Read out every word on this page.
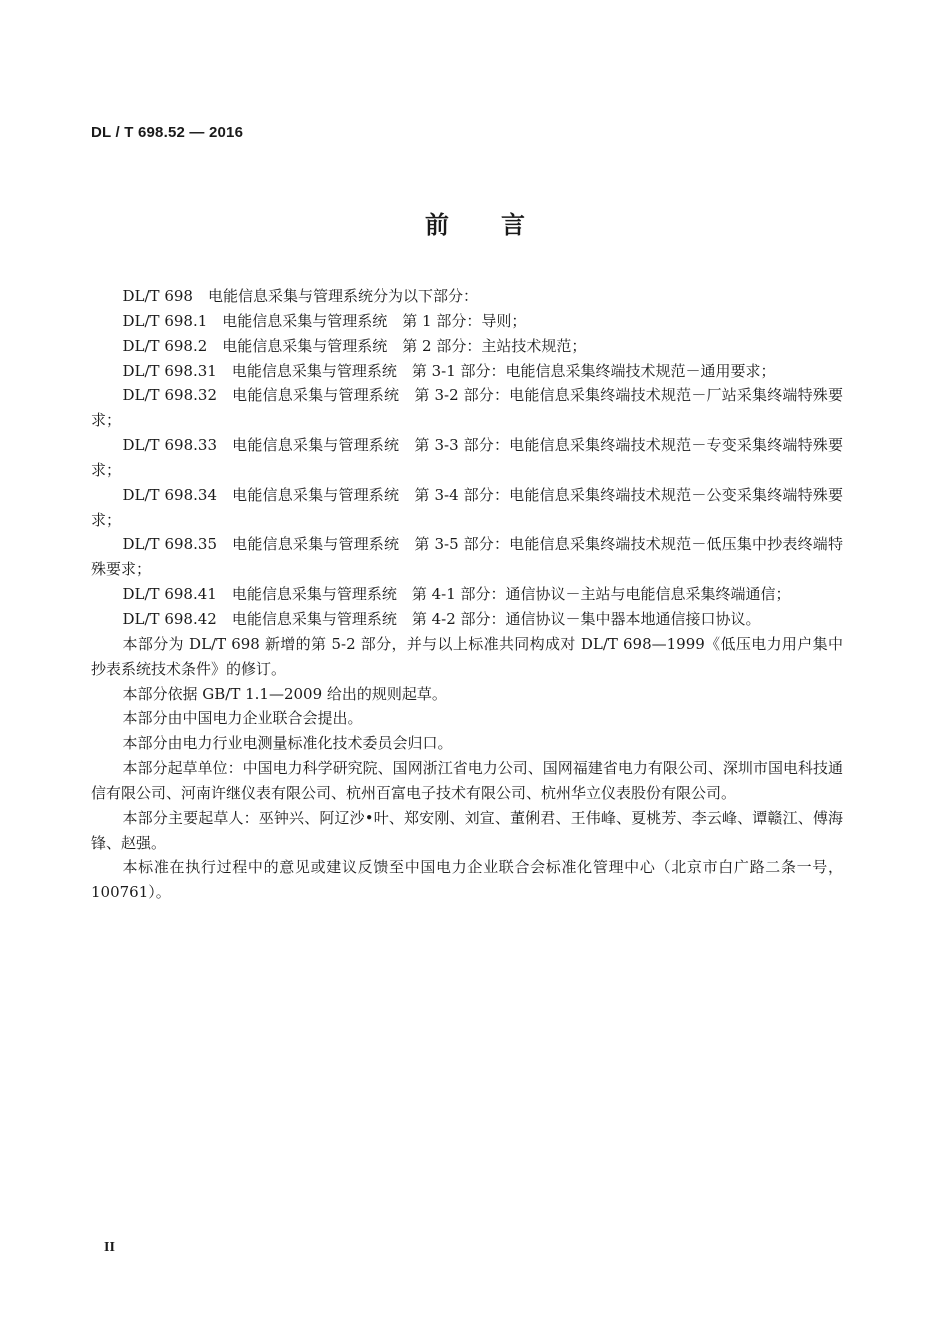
DL / T 698.52 — 2016
前言

DL/T 698　电能信息采集与管理系统分为以下部分：

DL/T 698.1 电能信息采集与管理系统 第 1 部分：导则；

DL/T 698.2 电能信息采集与管理系统 第 2 部分：主站技术规范；

DL/T 698.31 电能信息采集与管理系统 第 3-1 部分：电能信息采集终端技术规范－通用要求；

DL/T 698.32 电能信息采集与管理系统 第 3-2 部分：电能信息采集终端技术规范－厂站采集终端特殊要求；

DL/T 698.33 电能信息采集与管理系统 第 3-3 部分：电能信息采集终端技术规范－专变采集终端特殊要求；

DL/T 698.34 电能信息采集与管理系统 第 3-4 部分：电能信息采集终端技术规范－公变采集终端特殊要求；

DL/T 698.35 电能信息采集与管理系统 第 3-5 部分：电能信息采集终端技术规范－低压集中抄表终端特殊要求；

DL/T 698.41 电能信息采集与管理系统 第 4-1 部分：通信协议－主站与电能信息采集终端通信；

DL/T 698.42 电能信息采集与管理系统 第 4-2 部分：通信协议－集中器本地通信接口协议。

本部分为 DL/T 698 新增的第 5-2 部分，并与以上标准共同构成对 DL/T 698—1999《低压电力用户集中抄表系统技术条件》的修订。

本部分依据 GB/T 1.1—2009 给出的规则起草。

本部分由中国电力企业联合会提出。

本部分由电力行业电测量标准化技术委员会归口。

本部分起草单位：中国电力科学研究院、国网浙江省电力公司、国网福建省电力有限公司、深圳市国电科技通信有限公司、河南许继仪表有限公司、杭州百富电子技术有限公司、杭州华立仪表股份有限公司。

本部分主要起草人：巫钟兴、阿辽沙•叶、郑安刚、刘宣、董俐君、王伟峰、夏桃芳、李云峰、谭赣江、傅海锋、赵强。

本标准在执行过程中的意见或建议反馈至中国电力企业联合会标准化管理中心（北京市白广路二条一号，100761）。

II
